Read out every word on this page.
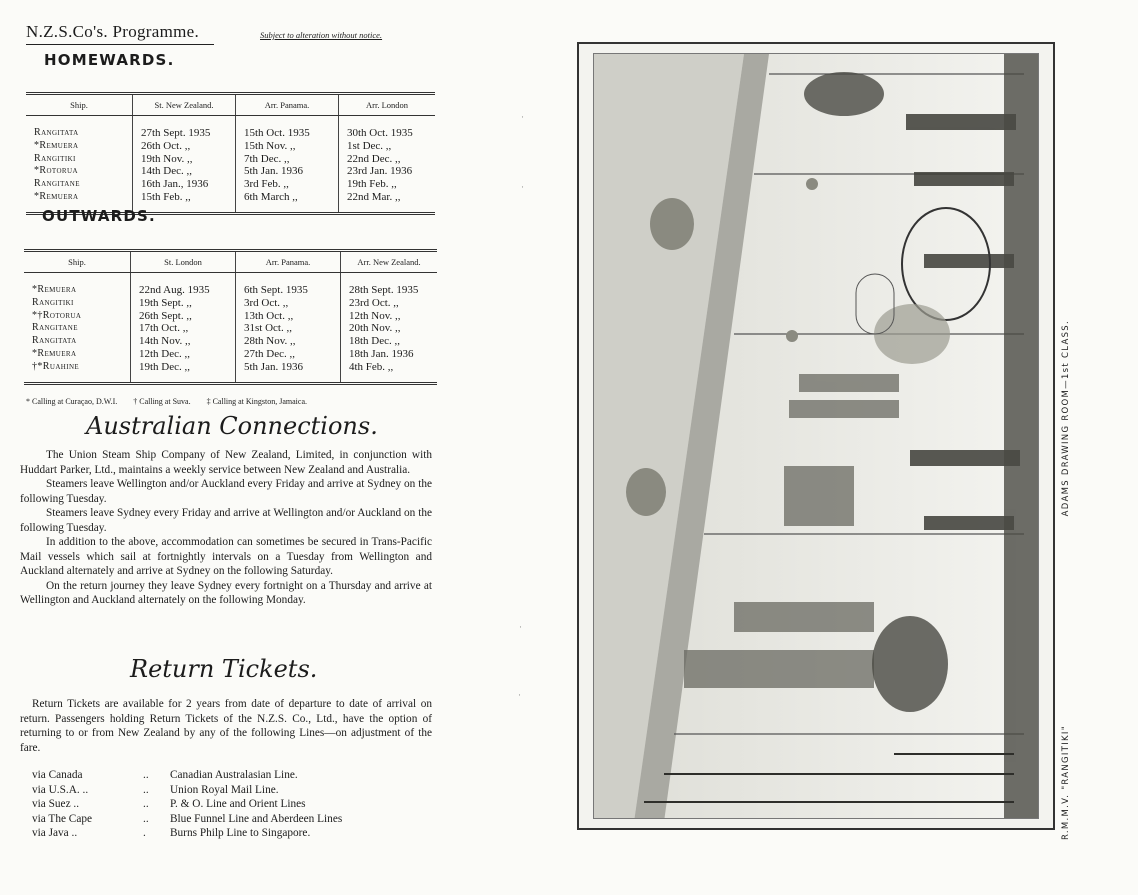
N.Z.S.Co's. Programme.	Subject to alteration without notice.
HOMEWARDS.
Ship.	St. New Zealand.	Arr. Panama.	Arr. London
Rangitata	27th Sept. 1935	15th Oct. 1935	30th Oct. 1935
*Remuera	26th Oct. ,,	15th Nov. ,,	1st Dec. ,,
Rangitiki	19th Nov. ,,	7th Dec. ,,	22nd Dec. ,,
*Rotorua	14th Dec. ,,	5th Jan. 1936	23rd Jan. 1936
Rangitane	16th Jan., 1936	3rd Feb. ,,	19th Feb. ,,
*Remuera	15th Feb. ,,	6th March ,,	22nd Mar. ,,
OUTWARDS.
Ship.	St. London	Arr. Panama.	Arr. New Zealand.
*Remuera	22nd Aug. 1935	6th Sept. 1935	28th Sept. 1935
Rangitiki	19th Sept. ,,	3rd Oct. ,,	23rd Oct. ,,
*†Rotorua	26th Sept. ,,	13th Oct. ,,	12th Nov. ,,
Rangitane	17th Oct. ,,	31st Oct. ,,	20th Nov. ,,
Rangitata	14th Nov. ,,	28th Nov. ,,	18th Dec. ,,
*Remuera	12th Dec. ,,	27th Dec. ,,	18th Jan. 1936
†*Ruahine	19th Dec. ,,	5th Jan. 1936	4th Feb. ,,
* Calling at Curaçao, D.W.I. † Calling at Suva. ‡ Calling at Kingston, Jamaica.
Australian Connections.

The Union Steam Ship Company of New Zealand, Limited, in conjunction with Huddart Parker, Ltd., maintains a weekly service between New Zealand and Australia.

Steamers leave Wellington and/or Auckland every Friday and arrive at Sydney on the following Tuesday.

Steamers leave Sydney every Friday and arrive at Wellington and/or Auckland on the following Tuesday.

In addition to the above, accommodation can sometimes be secured in Trans-Pacific Mail vessels which sail at fortnightly intervals on a Tuesday from Wellington and Auckland alternately and arrive at Sydney on the following Saturday.

On the return journey they leave Sydney every fortnight on a Thursday and arrive at Wellington and Auckland alternately on the following Monday.

Return Tickets.

Return Tickets are available for 2 years from date of departure to date of arrival on return. Passengers holding Return Tickets of the N.Z.S. Co., Ltd., have the option of returning to or from New Zealand by any of the following Lines—on adjustment of the fare.

via Canada	..	Canadian Australasian Line.
via U.S.A. ..	..	Union Royal Mail Line.
via Suez ..	..	P. & O. Line and Orient Lines
via The Cape	..	Blue Funnel Line and Aberdeen Lines
via Java ..	.	Burns Philp Line to Singapore.
·
·
·
·
R.M.M.V. "RANGITIKI"
ADAMS DRAWING ROOM—1st CLASS.
